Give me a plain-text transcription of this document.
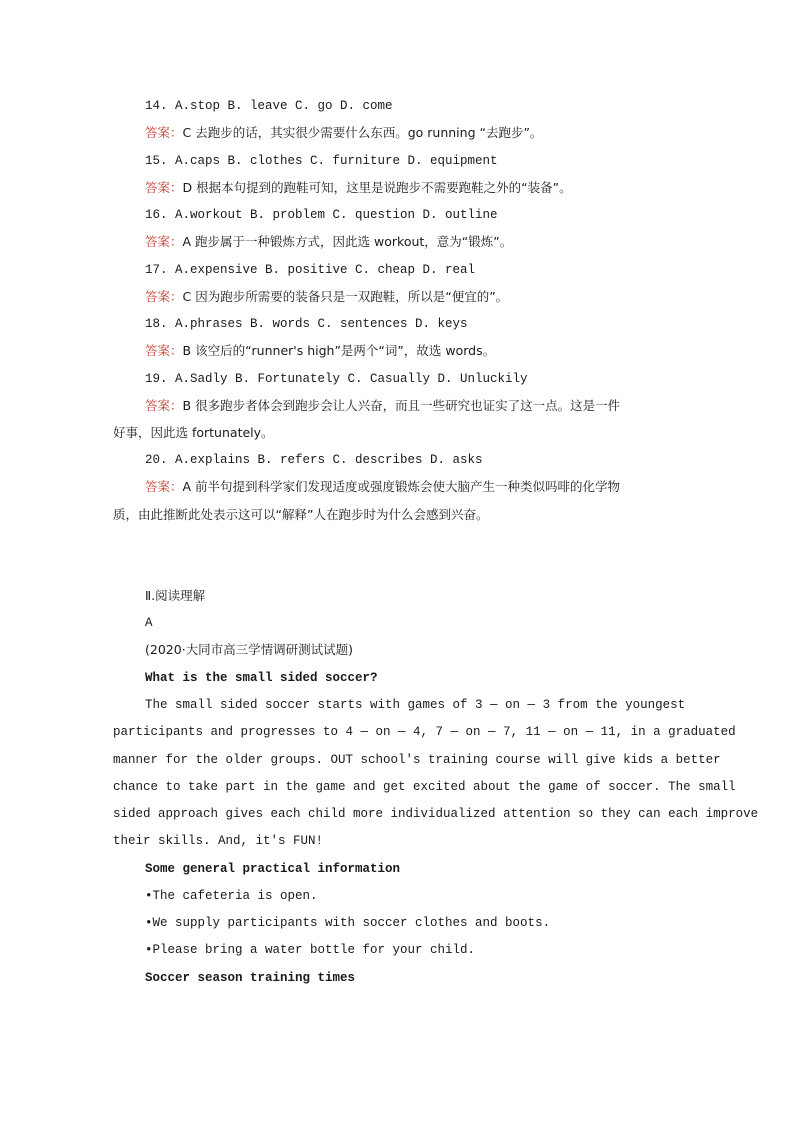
14. A.stop B. leave C. go D. come
答案：C 去跑步的话，其实很少需要什么东西。go running “去跑步”。
15. A.caps B. clothes C. furniture D. equipment
答案：D 根据本句提到的跑鞋可知，这里是说跑步不需要跑鞋之外的“装备”。
16. A.workout B. problem C. question D. outline
答案：A 跑步属于一种锻炼方式，因此选 workout，意为“锻炼”。
17. A.expensive B. positive C. cheap D. real
答案：C 因为跑步所需要的装备只是一双跑鞋，所以是“便宜的”。
18. A.phrases B. words C. sentences D. keys
答案：B 该空后的“runner's high”是两个“词”，故选 words。
19. A.Sadly B. Fortunately C. Casually D. Unluckily
答案：B 很多跑步者体会到跑步会让人兴奋，而且一些研究也证实了这一点。这是一件
好事，因此选 fortunately。
20. A.explains B. refers C. describes D. asks
答案：A 前半句提到科学家们发现适度或强度锻炼会使大脑产生一种类似吗啡的化学物
质，由此推断此处表示这可以“解释”人在跑步时为什么会感到兴奋。
Ⅱ.阅读理解
A
(2020·大同市高三学情调研测试试题)
What is the small sided soccer?
The small sided soccer starts with games of 3 — on — 3 from the youngest
participants and progresses to 4 — on — 4, 7 — on — 7, 11 — on — 11, in a graduated
manner for the older groups. OUT school's training course will give kids a better
chance to take part in the game and get excited about the game of soccer. The small
sided approach gives each child more individualized attention so they can each improve
their skills. And, it's FUN!
Some general practical information
•The cafeteria is open.
•We supply participants with soccer clothes and boots.
•Please bring a water bottle for your child.
Soccer season training times
